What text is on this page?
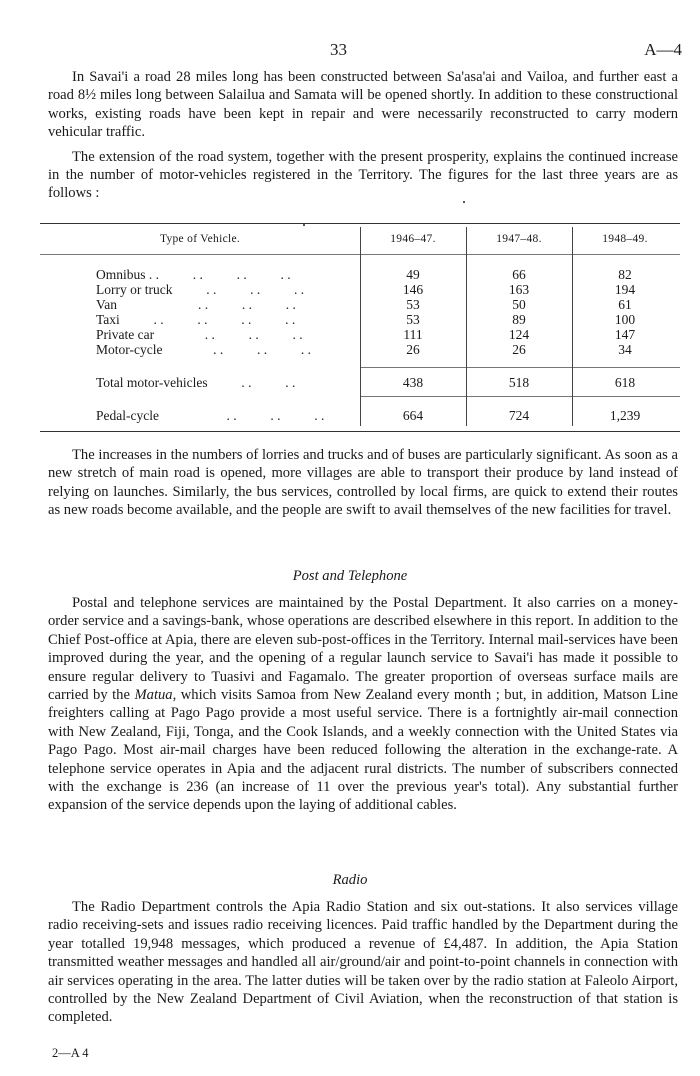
33	A—4

In Savai'i a road 28 miles long has been constructed between Sa'asa'ai and Vailoa, and further east a road 8½ miles long between Salailua and Samata will be opened shortly. In addition to these constructional works, existing roads have been kept in repair and were necessarily reconstructed to carry modern vehicular traffic.

The extension of the road system, together with the present prosperity, explains the continued increase in the number of motor-vehicles registered in the Territory. The figures for the last three years are as follows :

Type of Vehicle.	1946–47.	1947–48.	1948–49.
Omnibus . .          . .          . .          . .	49	66	82
Lorry or truck          . .          . .          . .	146	163	194
Van                        . .          . .          . .	53	50	61
Taxi          . .          . .          . .          . .	53	89	100
Private car               . .          . .          . .	111	124	147
Motor-cycle               . .          . .          . .	26	26	34
Total motor-vehicles          . .          . .	438	518	618
Pedal-cycle                    . .          . .          . .	664	724	1,239

The increases in the numbers of lorries and trucks and of buses are particularly significant. As soon as a new stretch of main road is opened, more villages are able to transport their produce by land instead of relying on launches. Similarly, the bus services, controlled by local firms, are quick to extend their routes as new roads become available, and the people are swift to avail themselves of the new facilities for travel.

Post and Telephone

Postal and telephone services are maintained by the Postal Department. It also carries on a money-order service and a savings-bank, whose operations are described elsewhere in this report. In addition to the Chief Post-office at Apia, there are eleven sub-post-offices in the Territory. Internal mail-services have been improved during the year, and the opening of a regular launch service to Savai'i has made it possible to ensure regular delivery to Tuasivi and Fagamalo. The greater proportion of overseas surface mails are carried by the Matua, which visits Samoa from New Zealand every month ; but, in addition, Matson Line freighters calling at Pago Pago provide a most useful service. There is a fortnightly air-mail connection with New Zealand, Fiji, Tonga, and the Cook Islands, and a weekly connection with the United States via Pago Pago. Most air-mail charges have been reduced following the alteration in the exchange-rate. A telephone service operates in Apia and the adjacent rural districts. The number of subscribers connected with the exchange is 236 (an increase of 11 over the previous year's total). Any substantial further expansion of the service depends upon the laying of additional cables.

Radio

The Radio Department controls the Apia Radio Station and six out-stations. It also services village radio receiving-sets and issues radio receiving licences. Paid traffic handled by the Department during the year totalled 19,948 messages, which produced a revenue of £4,487. In addition, the Apia Station transmitted weather messages and handled all air/ground/air and point-to-point channels in connection with air services operating in the area. The latter duties will be taken over by the radio station at Faleolo Airport, controlled by the New Zealand Department of Civil Aviation, when the reconstruction of that station is completed.

2—A 4
